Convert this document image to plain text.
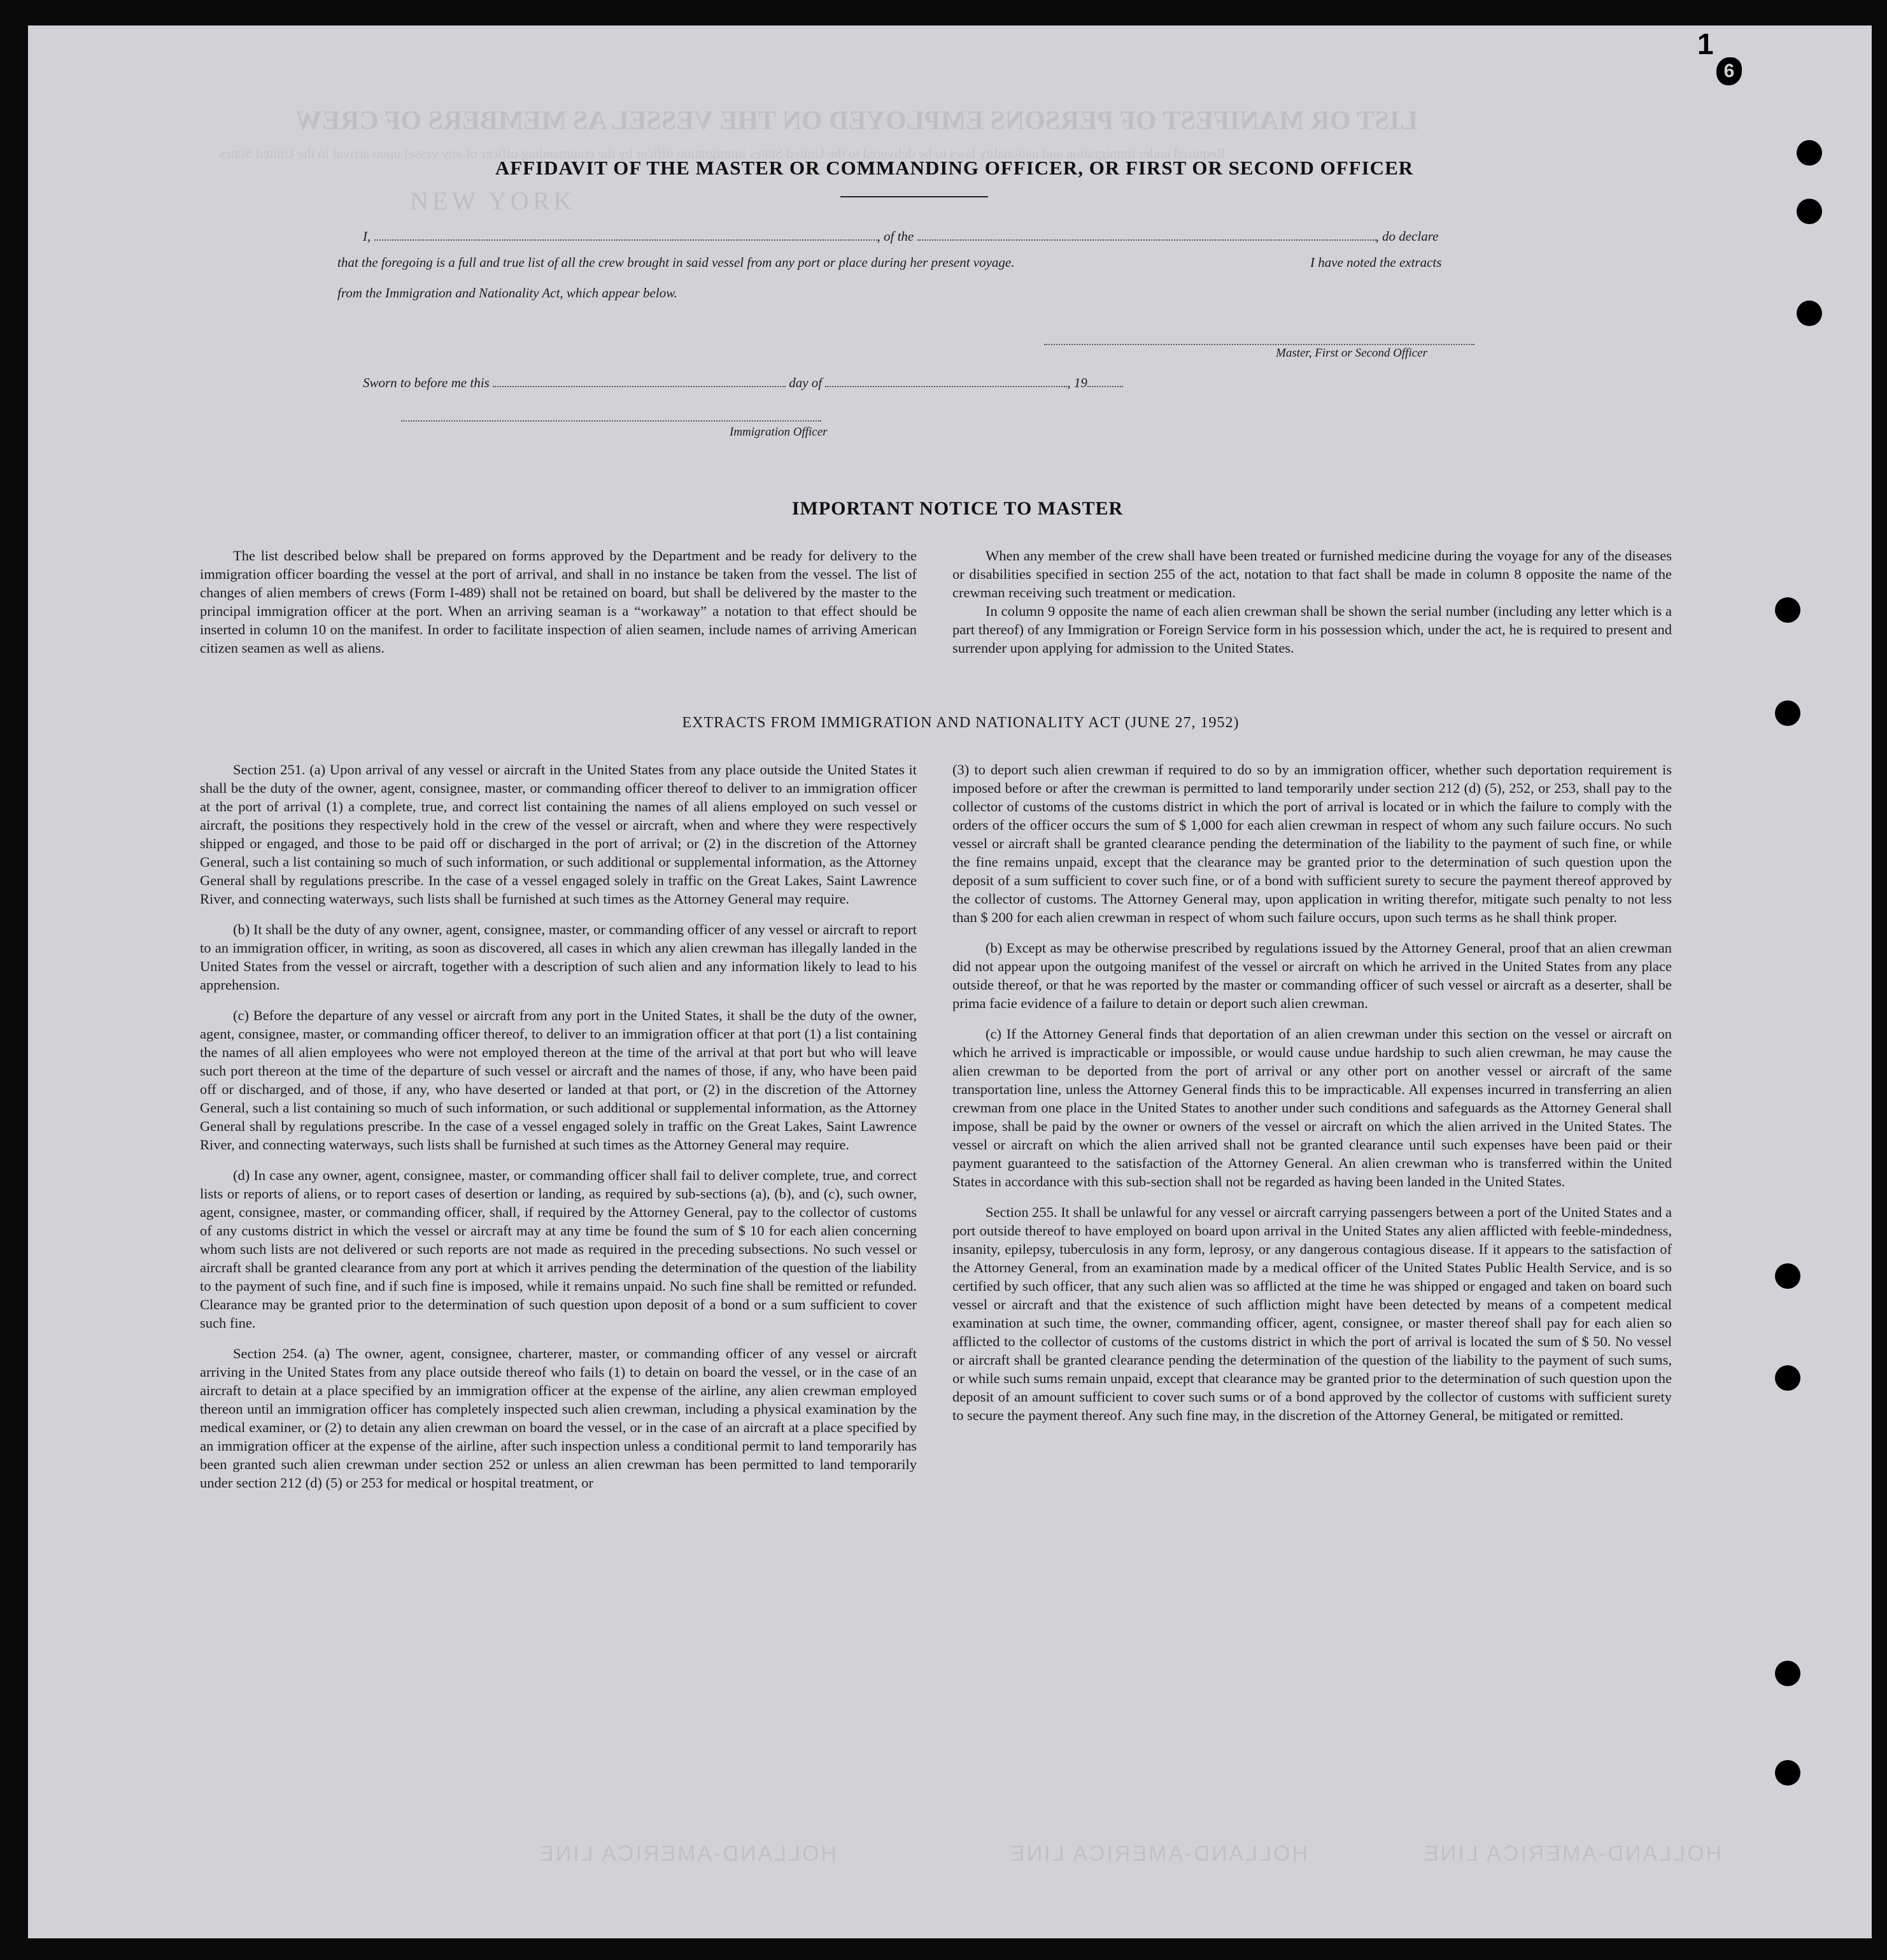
LIST OR MANIFEST OF PERSONS EMPLOYED ON THE VESSEL AS MEMBERS OF CREW
Required under immigration and nationality laws to be delivered to the United States immigration officer by the commanding officer of any vessel upon arrival in the United States
NEW YORK
1
6
AFFIDAVIT OF THE MASTER OR COMMANDING OFFICER, OR FIRST OR SECOND OFFICER
I,	, of the	, do declare
that the foregoing is a full and true list of all the crew brought in said vessel from any port or place during her present voyage.	I have noted the extracts
from the Immigration and Nationality Act, which appear below.
Master, First or Second Officer
Sworn to before me this	day of	, 19
Immigration Officer
IMPORTANT NOTICE TO MASTER

The list described below shall be prepared on forms approved by the Department and be ready for delivery to the immigration officer boarding the vessel at the port of arrival, and shall in no instance be taken from the vessel. The list of changes of alien members of crews (Form I-489) shall not be retained on board, but shall be delivered by the master to the principal immigration officer at the port. When an arriving seaman is a “workaway” a notation to that effect should be inserted in column 10 on the manifest. In order to facilitate inspection of alien seamen, include names of arriving American citizen seamen as well as aliens.

When any member of the crew shall have been treated or furnished medicine during the voyage for any of the diseases or disabilities specified in section 255 of the act, notation to that fact shall be made in column 8 opposite the name of the crewman receiving such treatment or medication.

In column 9 opposite the name of each alien crewman shall be shown the serial number (including any letter which is a part thereof) of any Immigration or Foreign Service form in his possession which, under the act, he is required to present and surrender upon applying for admission to the United States.

EXTRACTS FROM IMMIGRATION AND NATIONALITY ACT (JUNE 27, 1952)

Section 251. (a) Upon arrival of any vessel or aircraft in the United States from any place outside the United States it shall be the duty of the owner, agent, consignee, master, or commanding officer thereof to deliver to an immigration officer at the port of arrival (1) a complete, true, and correct list containing the names of all aliens employed on such vessel or aircraft, the positions they respectively hold in the crew of the vessel or aircraft, when and where they were respectively shipped or engaged, and those to be paid off or discharged in the port of arrival; or (2) in the discretion of the Attorney General, such a list containing so much of such information, or such additional or supplemental information, as the Attorney General shall by regulations prescribe. In the case of a vessel engaged solely in traffic on the Great Lakes, Saint Lawrence River, and connecting waterways, such lists shall be furnished at such times as the Attorney General may require.

(b) It shall be the duty of any owner, agent, consignee, master, or commanding officer of any vessel or aircraft to report to an immigration officer, in writing, as soon as discovered, all cases in which any alien crewman has illegally landed in the United States from the vessel or aircraft, together with a description of such alien and any information likely to lead to his apprehension.

(c) Before the departure of any vessel or aircraft from any port in the United States, it shall be the duty of the owner, agent, consignee, master, or commanding officer thereof, to deliver to an immigration officer at that port (1) a list containing the names of all alien employees who were not employed thereon at the time of the arrival at that port but who will leave such port thereon at the time of the departure of such vessel or aircraft and the names of those, if any, who have been paid off or discharged, and of those, if any, who have deserted or landed at that port, or (2) in the discretion of the Attorney General, such a list containing so much of such information, or such additional or supplemental information, as the Attorney General shall by regulations prescribe. In the case of a vessel engaged solely in traffic on the Great Lakes, Saint Lawrence River, and connecting waterways, such lists shall be furnished at such times as the Attorney General may require.

(d) In case any owner, agent, consignee, master, or commanding officer shall fail to deliver complete, true, and correct lists or reports of aliens, or to report cases of desertion or landing, as required by sub-sections (a), (b), and (c), such owner, agent, consignee, master, or commanding officer, shall, if required by the Attorney General, pay to the collector of customs of any customs district in which the vessel or aircraft may at any time be found the sum of $ 10 for each alien concerning whom such lists are not delivered or such reports are not made as required in the preceding subsections. No such vessel or aircraft shall be granted clearance from any port at which it arrives pending the determination of the question of the liability to the payment of such fine, and if such fine is imposed, while it remains unpaid. No such fine shall be remitted or refunded. Clearance may be granted prior to the determination of such question upon deposit of a bond or a sum sufficient to cover such fine.

Section 254. (a) The owner, agent, consignee, charterer, master, or commanding officer of any vessel or aircraft arriving in the United States from any place outside thereof who fails (1) to detain on board the vessel, or in the case of an aircraft to detain at a place specified by an immigration officer at the expense of the airline, any alien crewman employed thereon until an immigration officer has completely inspected such alien crewman, including a physical examination by the medical examiner, or (2) to detain any alien crewman on board the vessel, or in the case of an aircraft at a place specified by an immigration officer at the expense of the airline, after such inspection unless a conditional permit to land temporarily has been granted such alien crewman under section 252 or unless an alien crewman has been permitted to land temporarily under section 212 (d) (5) or 253 for medical or hospital treatment, or

(3) to deport such alien crewman if required to do so by an immigration officer, whether such deportation requirement is imposed before or after the crewman is permitted to land temporarily under section 212 (d) (5), 252, or 253, shall pay to the collector of customs of the customs district in which the port of arrival is located or in which the failure to comply with the orders of the officer occurs the sum of $ 1,000 for each alien crewman in respect of whom any such failure occurs. No such vessel or aircraft shall be granted clearance pending the determination of the liability to the payment of such fine, or while the fine remains unpaid, except that the clearance may be granted prior to the determination of such question upon the deposit of a sum sufficient to cover such fine, or of a bond with sufficient surety to secure the payment thereof approved by the collector of customs. The Attorney General may, upon application in writing therefor, mitigate such penalty to not less than $ 200 for each alien crewman in respect of whom such failure occurs, upon such terms as he shall think proper.

(b) Except as may be otherwise prescribed by regulations issued by the Attorney General, proof that an alien crewman did not appear upon the outgoing manifest of the vessel or aircraft on which he arrived in the United States from any place outside thereof, or that he was reported by the master or commanding officer of such vessel or aircraft as a deserter, shall be prima facie evidence of a failure to detain or deport such alien crewman.

(c) If the Attorney General finds that deportation of an alien crewman under this section on the vessel or aircraft on which he arrived is impracticable or impossible, or would cause undue hardship to such alien crewman, he may cause the alien crewman to be deported from the port of arrival or any other port on another vessel or aircraft of the same transportation line, unless the Attorney General finds this to be impracticable. All expenses incurred in transferring an alien crewman from one place in the United States to another under such conditions and safeguards as the Attorney General shall impose, shall be paid by the owner or owners of the vessel or aircraft on which the alien arrived in the United States. The vessel or aircraft on which the alien arrived shall not be granted clearance until such expenses have been paid or their payment guaranteed to the satisfaction of the Attorney General. An alien crewman who is transferred within the United States in accordance with this sub-section shall not be regarded as having been landed in the United States.

Section 255. It shall be unlawful for any vessel or aircraft carrying passengers between a port of the United States and a port outside thereof to have employed on board upon arrival in the United States any alien afflicted with feeble-mindedness, insanity, epilepsy, tuberculosis in any form, leprosy, or any dangerous contagious disease. If it appears to the satisfaction of the Attorney General, from an examination made by a medical officer of the United States Public Health Service, and is so certified by such officer, that any such alien was so afflicted at the time he was shipped or engaged and taken on board such vessel or aircraft and that the existence of such affliction might have been detected by means of a competent medical examination at such time, the owner, commanding officer, agent, consignee, or master thereof shall pay for each alien so afflicted to the collector of customs of the customs district in which the port of arrival is located the sum of $ 50. No vessel or aircraft shall be granted clearance pending the determination of the question of the liability to the payment of such sums, or while such sums remain unpaid, except that clearance may be granted prior to the determination of such question upon the deposit of an amount sufficient to cover such sums or of a bond approved by the collector of customs with sufficient surety to secure the payment thereof. Any such fine may, in the discretion of the Attorney General, be mitigated or remitted.

HOLLAND-AMERICA LINE	HOLLAND-AMERICA LINE	HOLLAND-AMERICA LINE
